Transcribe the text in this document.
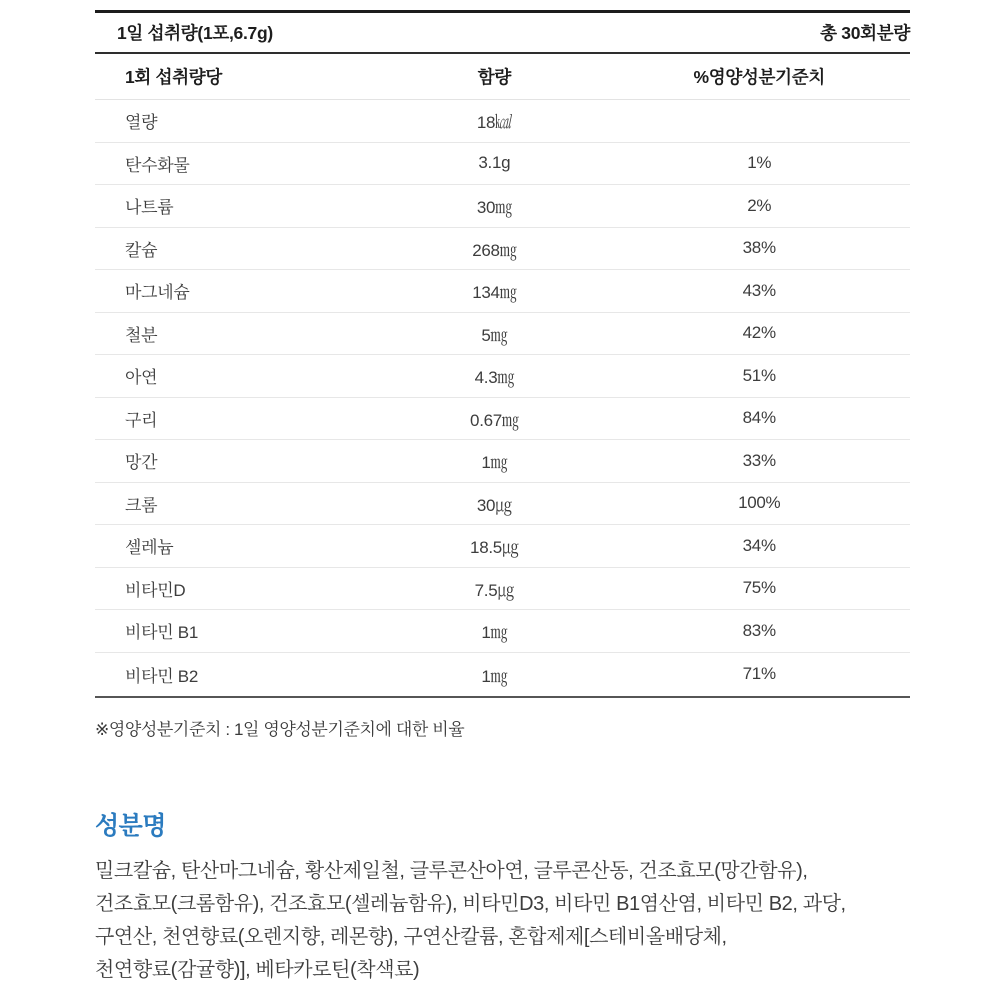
1일 섭취량(1포,6.7g)	총 30회분량
1회 섭취량당	함량	%영양성분기준치
열량	18㎉
탄수화물	3.1g	1%
나트륨	30㎎	2%
칼슘	268㎎	38%
마그네슘	134㎎	43%
철분	5㎎	42%
아연	4.3㎎	51%
구리	0.67㎎	84%
망간	1㎎	33%
크롬	30㎍	100%
셀레늄	18.5㎍	34%
비타민D	7.5㎍	75%
비타민 B1	1㎎	83%
비타민 B2	1㎎	71%
※영양성분기준치 : 1일 영양성분기준치에 대한 비율
성분명
밀크칼슘, 탄산마그네슘, 황산제일철, 글루콘산아연, 글루콘산동, 건조효모(망간함유),
건조효모(크롬함유), 건조효모(셀레늄함유), 비타민D3, 비타민 B1염산염, 비타민 B2, 과당,
구연산, 천연향료(오렌지향, 레몬향), 구연산칼륨, 혼합제제[스테비올배당체,
천연향료(감귤향)], 베타카로틴(착색료)
